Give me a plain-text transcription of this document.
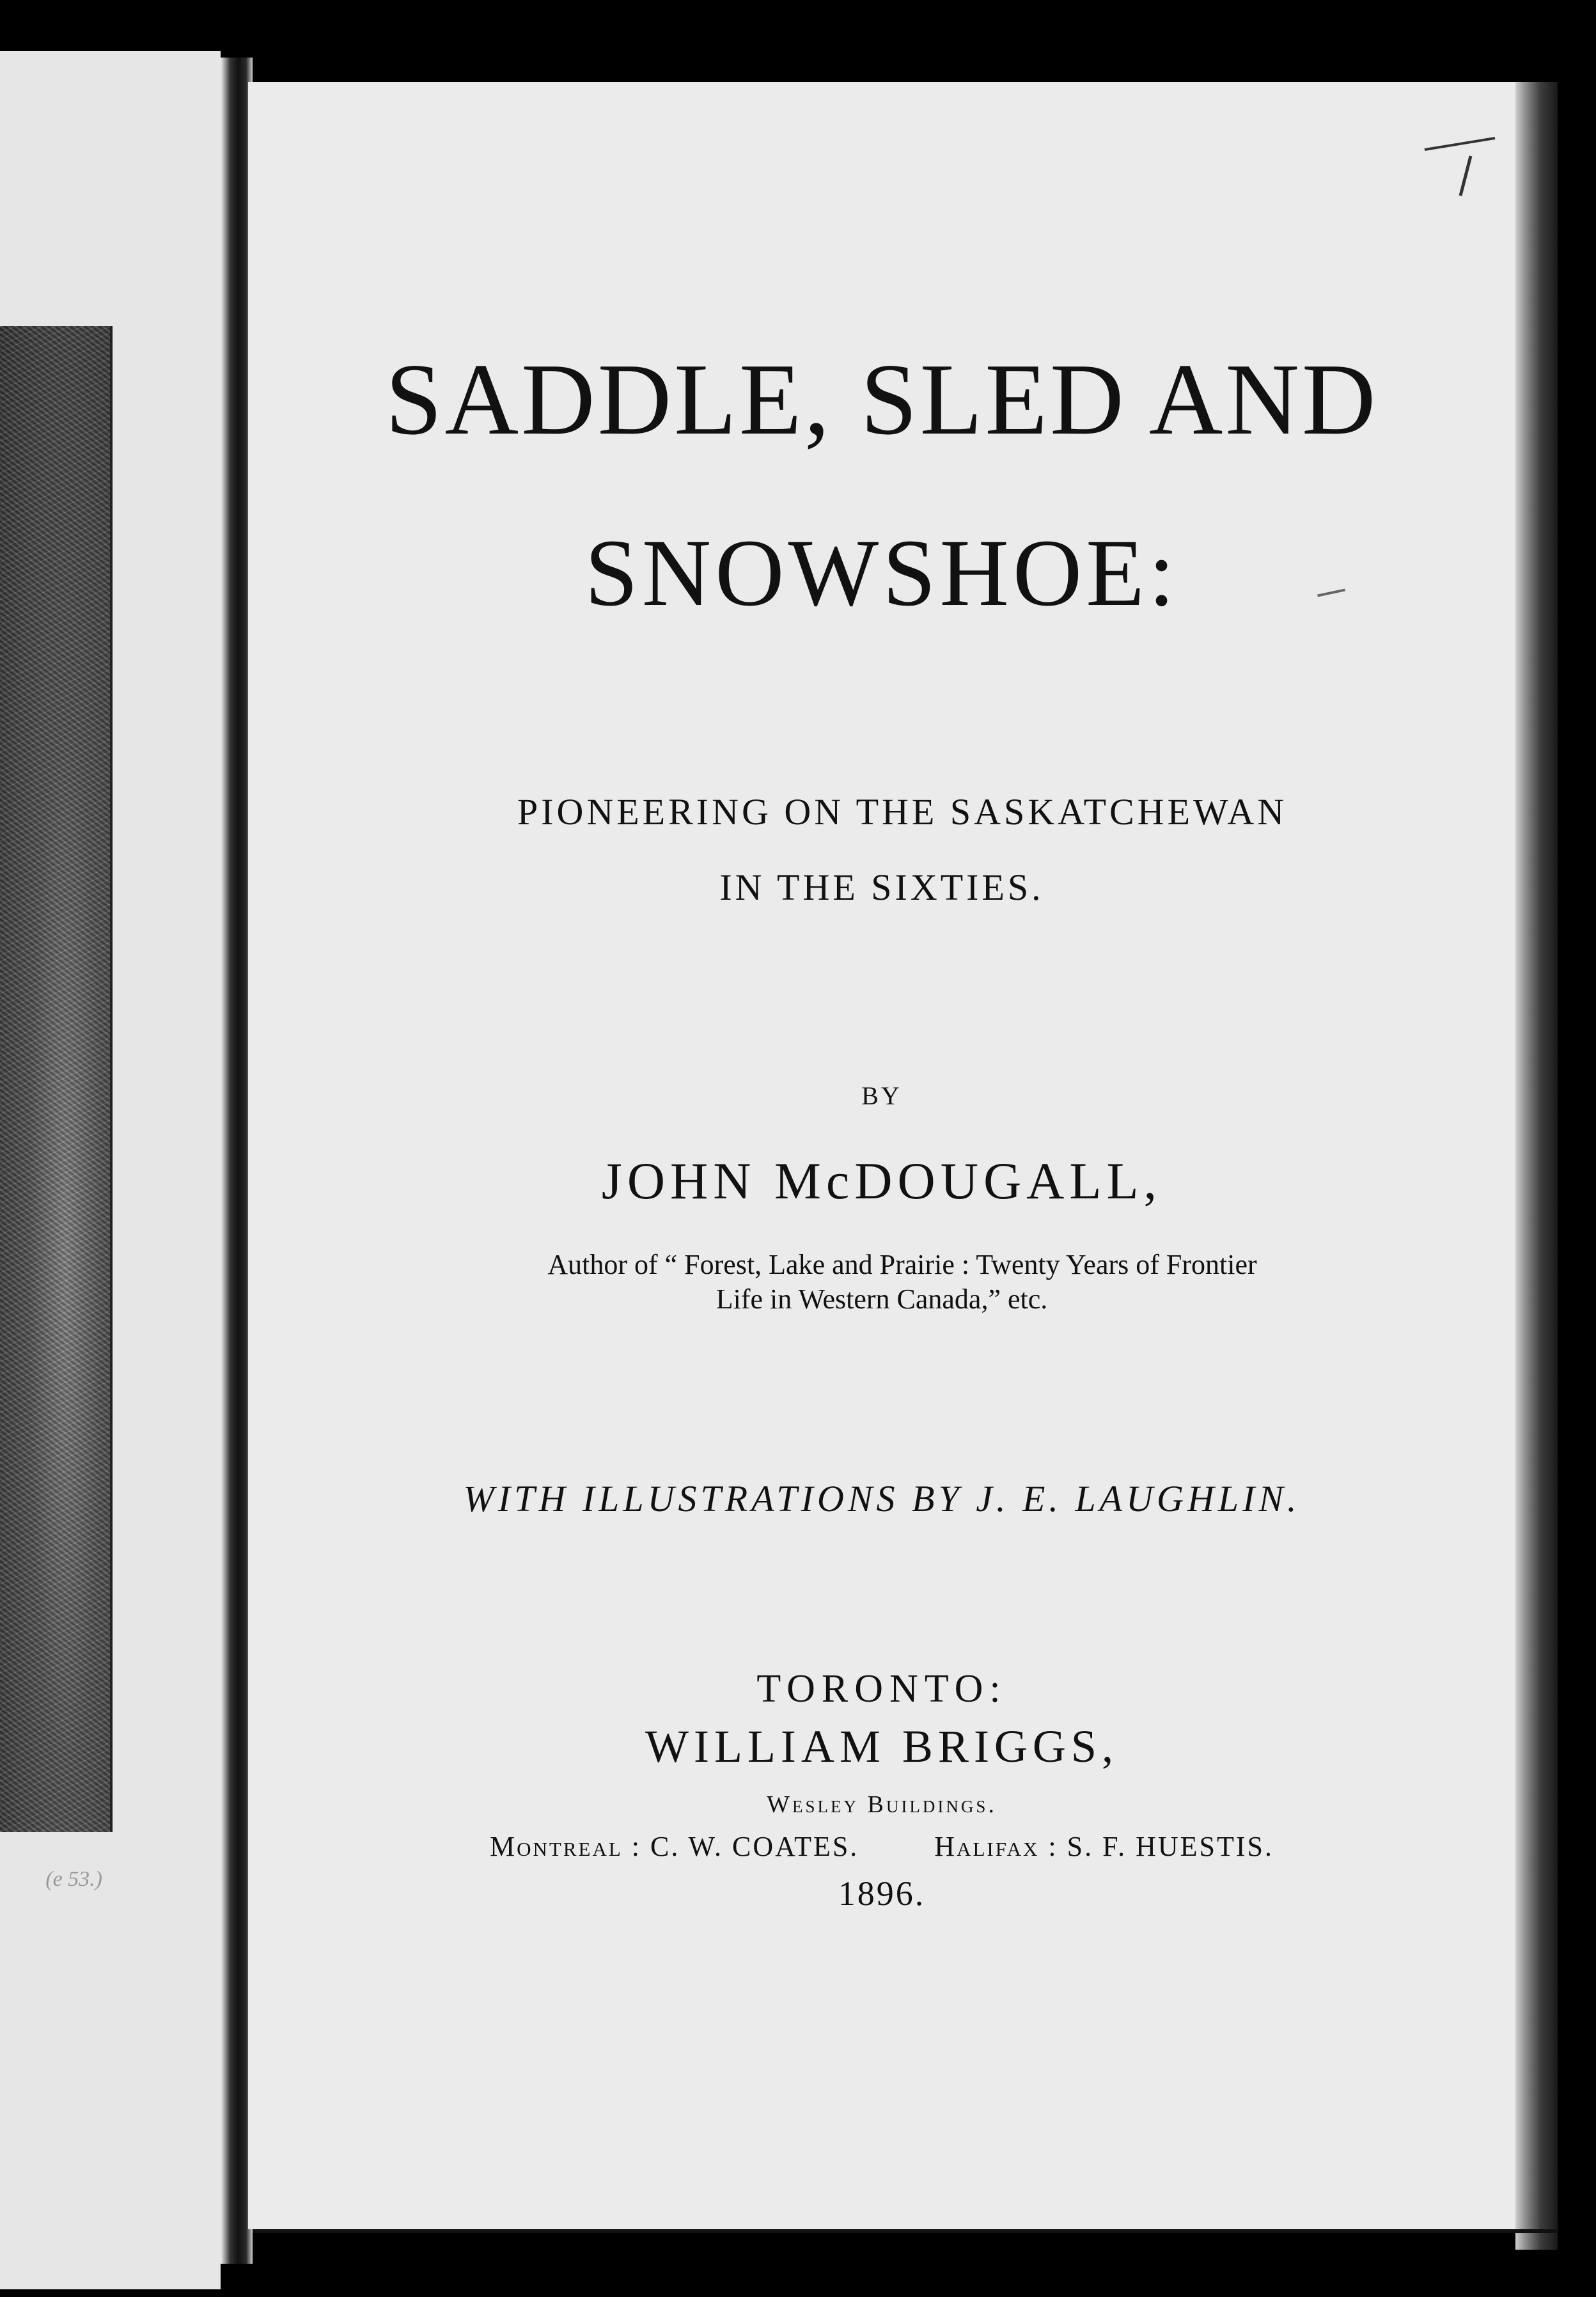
(e 53.)
SADDLE, SLED AND
SNOWSHOE:

PIONEERING ON THE SASKATCHEWAN

IN THE SIXTIES.

BY

JOHN McDOUGALL,

Author of “ Forest, Lake and Prairie : Twenty Years of Frontier

Life in Western Canada,” etc.

WITH ILLUSTRATIONS BY J. E. LAUGHLIN.

TORONTO:

WILLIAM BRIGGS,

Wesley Buildings.

Montreal : C. W. COATES.	Halifax : S. F. HUESTIS.

1896.
